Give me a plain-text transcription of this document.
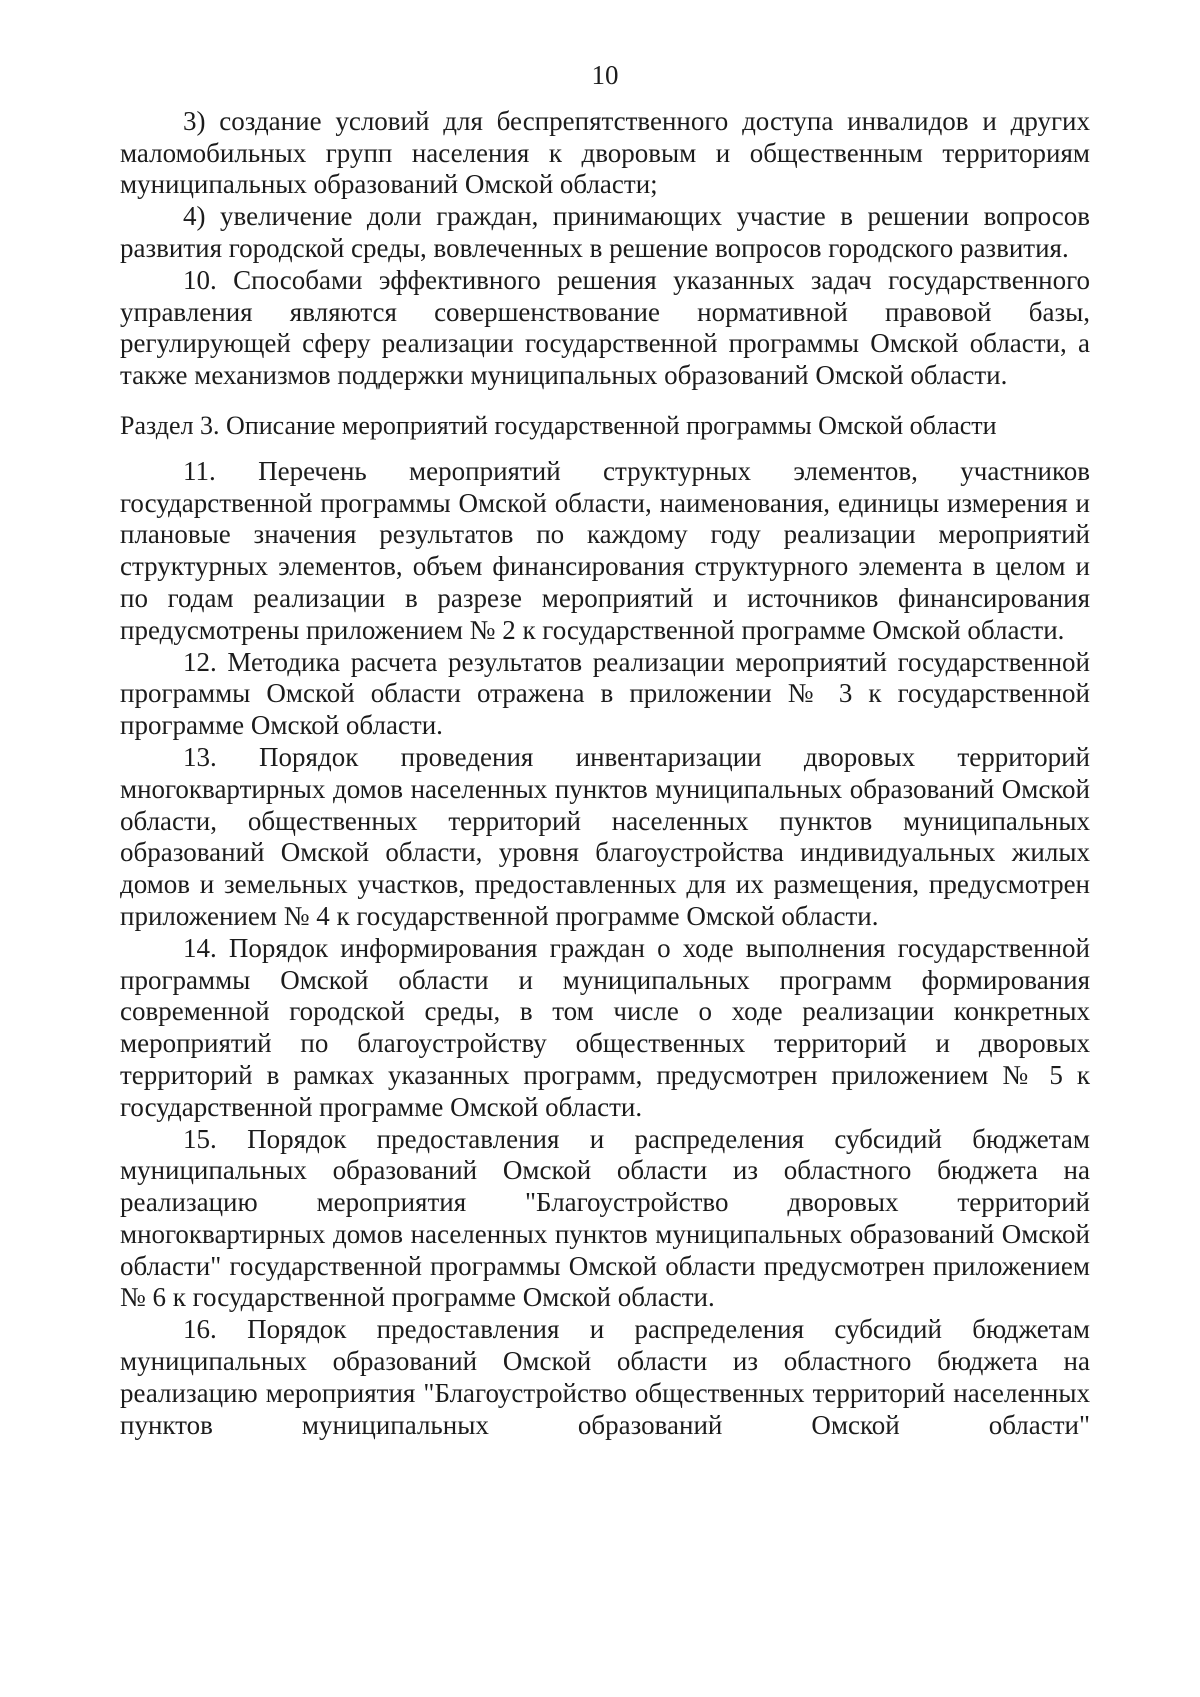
10

3) создание условий для беспрепятственного доступа инвалидов и других маломобильных групп населения к дворовым и общественным территориям муниципальных образований Омской области;

4) увеличение доли граждан, принимающих участие в решении вопросов развития городской среды, вовлеченных в решение вопросов городского развития.

10. Способами эффективного решения указанных задач государственного управления являются совершенствование нормативной правовой базы, регулирующей сферу реализации государственной программы Омской области, а также механизмов поддержки муниципальных образований Омской области.

Раздел 3. Описание мероприятий государственной программы Омской области

11. Перечень мероприятий структурных элементов, участников государственной программы Омской области, наименования, единицы измерения и плановые значения результатов по каждому году реализации мероприятий структурных элементов, объем финансирования структурного элемента в целом и по годам реализации в разрезе мероприятий и источников финансирования предусмотрены приложением № 2 к государственной программе Омской области.

12. Методика расчета результатов реализации мероприятий государственной программы Омской области отражена в приложении № 3 к государственной программе Омской области.

13. Порядок проведения инвентаризации дворовых территорий многоквартирных домов населенных пунктов муниципальных образований Омской области, общественных территорий населенных пунктов муниципальных образований Омской области, уровня благоустройства индивидуальных жилых домов и земельных участков, предоставленных для их размещения, предусмотрен приложением № 4 к государственной программе Омской области.

14. Порядок информирования граждан о ходе выполнения государственной программы Омской области и муниципальных программ формирования современной городской среды, в том числе о ходе реализации конкретных мероприятий по благоустройству общественных территорий и дворовых территорий в рамках указанных программ, предусмотрен приложением № 5 к государственной программе Омской области.

15. Порядок предоставления и распределения субсидий бюджетам муниципальных образований Омской области из областного бюджета на реализацию мероприятия "Благоустройство дворовых территорий многоквартирных домов населенных пунктов муниципальных образований Омской области" государственной программы Омской области предусмотрен приложением № 6 к государственной программе Омской области.

16. Порядок предоставления и распределения субсидий бюджетам муниципальных образований Омской области из областного бюджета на реализацию мероприятия "Благоустройство общественных территорий населенных пунктов муниципальных образований Омской области"
